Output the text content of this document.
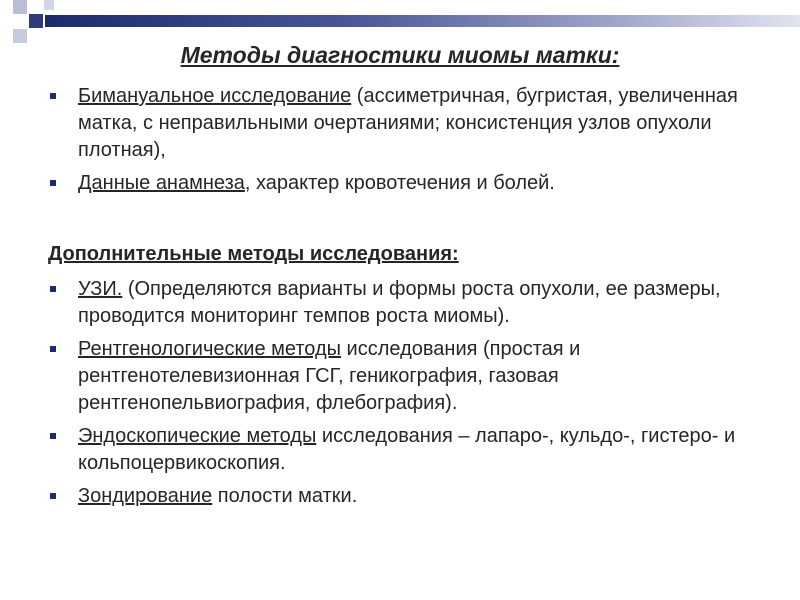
Методы диагностики миомы матки:
Бимануальное исследование (ассиметричная, бугристая, увеличенная матка, с неправильными очертаниями; консистенция узлов опухоли плотная),
Данные анамнеза, характер кровотечения и болей.
Дополнительные методы исследования:
УЗИ. (Определяются варианты и формы роста опухоли, ее размеры, проводится мониторинг темпов роста миомы).
Рентгенологические методы исследования (простая и рентгенотелевизионная ГСГ, геникография, газовая рентгенопельвиография, флебография).
Эндоскопические методы исследования – лапаро-, кульдо-, гистеро- и кольпоцервикоскопия.
Зондирование полости матки.
